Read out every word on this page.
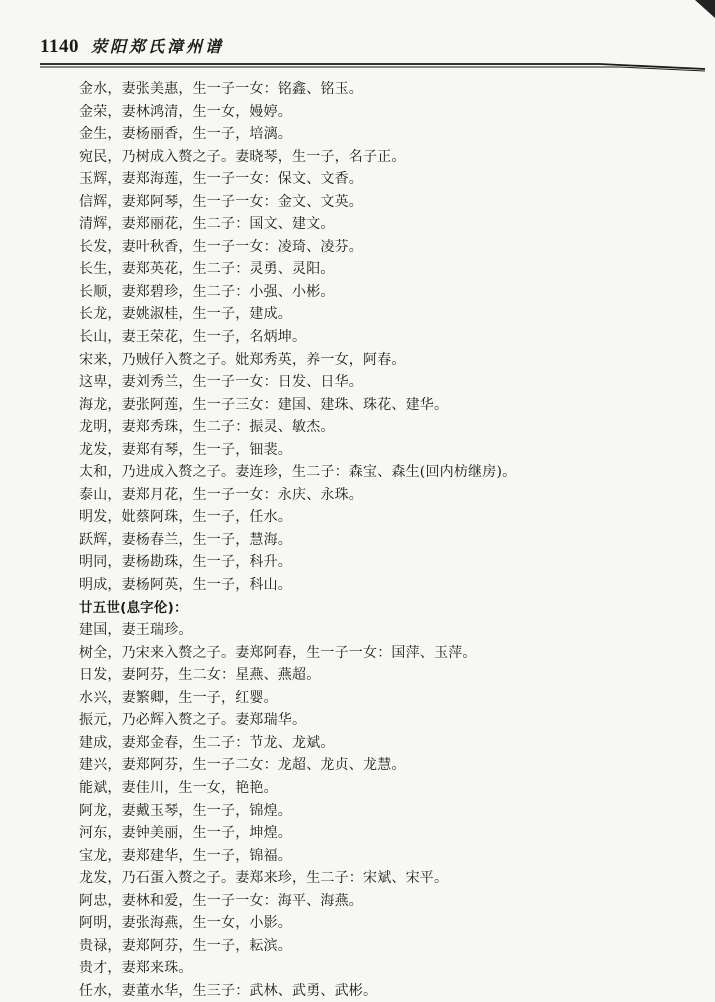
1140 荥阳郑氏漳州谱
金水，妻张美惠，生一子一女：铭鑫、铭玉。
金荣，妻林鸿清，生一女，嫚婷。
金生，妻杨丽香，生一子，培漓。
宛民，乃树成入赘之子。妻晓琴，生一子，名子正。
玉辉，妻郑海莲，生一子一女：保文、文香。
信辉，妻郑阿琴，生一子一女：金文、文英。
清辉，妻郑丽花，生二子：国文、建文。
长发，妻叶秋香，生一子一女：凌琦、凌芬。
长生，妻郑英花，生二子：灵勇、灵阳。
长顺，妻郑碧珍，生二子：小强、小彬。
长龙，妻姚淑桂，生一子，建成。
长山，妻王荣花，生一子，名炳坤。
宋来，乃贼仔入赘之子。妣郑秀英，养一女，阿春。
这卑，妻刘秀兰，生一子一女：日发、日华。
海龙，妻张阿莲，生一子三女：建国、建珠、珠花、建华。
龙明，妻郑秀珠，生二子：振灵、敏杰。
龙发，妻郑有琴，生一子，钿裴。
太和，乃进成入赘之子。妻连珍，生二子：森宝、森生(回内枋继房)。
泰山，妻郑月花，生一子一女：永庆、永珠。
明发，妣蔡阿珠，生一子，任水。
跃辉，妻杨春兰，生一子，慧海。
明同，妻杨勘珠，生一子，科升。
明成，妻杨阿英，生一子，科山。
廿五世(息字伦)：
建国，妻王瑞珍。
树全，乃宋来入赘之子。妻郑阿春，生一子一女：国萍、玉萍。
日发，妻阿芬，生二女：星燕、燕超。
水兴，妻繁卿，生一子，红婴。
振元，乃必辉入赘之子。妻郑瑞华。
建成，妻郑金春，生二子：节龙、龙斌。
建兴，妻郑阿芬，生一子二女：龙超、龙贞、龙慧。
能斌，妻佳川，生一女，艳艳。
阿龙，妻戴玉琴，生一子，锦煌。
河东，妻钟美丽，生一子，坤煌。
宝龙，妻郑建华，生一子，锦福。
龙发，乃石蛋入赘之子。妻郑来珍，生二子：宋斌、宋平。
阿忠，妻林和爱，生一子一女：海平、海燕。
阿明，妻张海燕，生一女，小影。
贵禄，妻郑阿芬，生一子，耘滨。
贵才，妻郑来珠。
任水，妻董水华，生三子：武林、武勇、武彬。
